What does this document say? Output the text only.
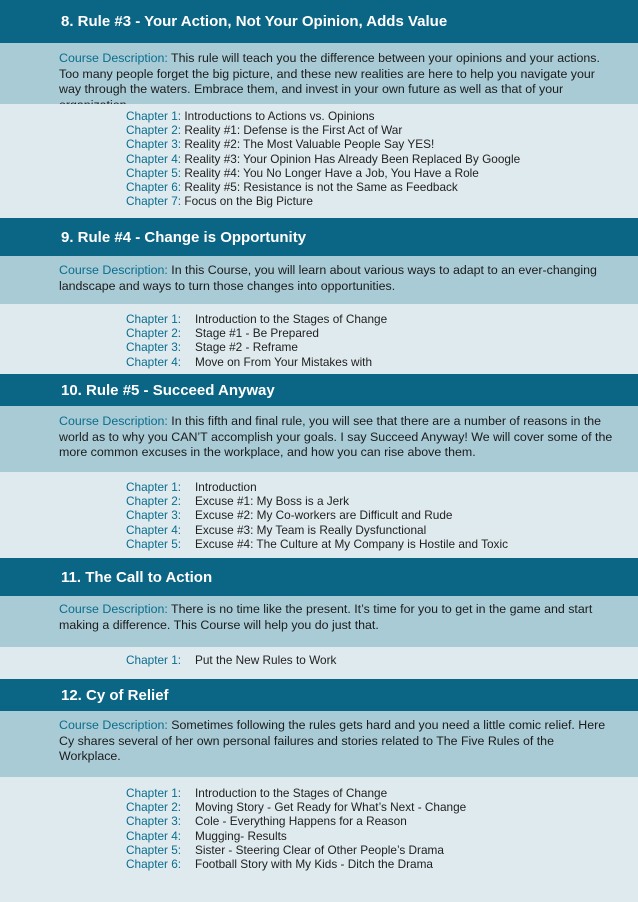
8. Rule #3 - Your Action, Not Your Opinion, Adds Value
Course Description: This rule will teach you the difference between your opinions and your actions. Too many people forget the big picture, and these new realities are here to help you navigate your way through the waters. Embrace them, and invest in your own future as well as that of your
Chapter 1: Introductions to Actions vs. Opinions
Chapter 2: Reality #1: Defense is the First Act of War
Chapter 3: Reality #2: The Most Valuable People Say YES!
Chapter 4: Reality #3: Your Opinion Has Already Been Replaced By Google
Chapter 5: Reality #4: You No Longer Have a Job, You Have a Role
Chapter 6: Reality #5: Resistance is not the Same as Feedback
Chapter 7: Focus on the Big Picture
9. Rule #4 - Change is Opportunity
Course Description: In this Course, you will learn about various ways to adapt to an ever-changing landscape and ways to turn those changes into opportunities.
Chapter 1: Introduction to the Stages of Change
Chapter 2: Stage #1 - Be Prepared
Chapter 3: Stage #2 - Reframe
Chapter 4: Move on From Your Mistakes with
10. Rule #5 - Succeed Anyway
Course Description: In this fifth and final rule, you will see that there are a number of reasons in the world as to why you CAN’T accomplish your goals. I say Succeed Anyway! We will cover some of the more common excuses in the workplace, and how you can rise above them.
Chapter 1: Introduction
Chapter 2: Excuse #1: My Boss is a Jerk
Chapter 3: Excuse #2: My Co-workers are Difficult and Rude
Chapter 4: Excuse #3: My Team is Really Dysfunctional
Chapter 5: Excuse #4: The Culture at My Company is Hostile and Toxic
11. The Call to Action
Course Description: There is no time like the present. It’s time for you to get in the game and start making a difference. This Course will help you do just that.
Chapter 1: Put the New Rules to Work
12. Cy of Relief
Course Description: Sometimes following the rules gets hard and you need a little comic relief. Here Cy shares several of her own personal failures and stories related to The Five Rules of the Workplace.
Chapter 1: Introduction to the Stages of Change
Chapter 2: Moving Story - Get Ready for What’s Next - Change
Chapter 3: Cole - Everything Happens for a Reason
Chapter 4: Mugging- Results
Chapter 5: Sister - Steering Clear of Other People’s Drama
Chapter 6: Football Story with My Kids - Ditch the Drama
